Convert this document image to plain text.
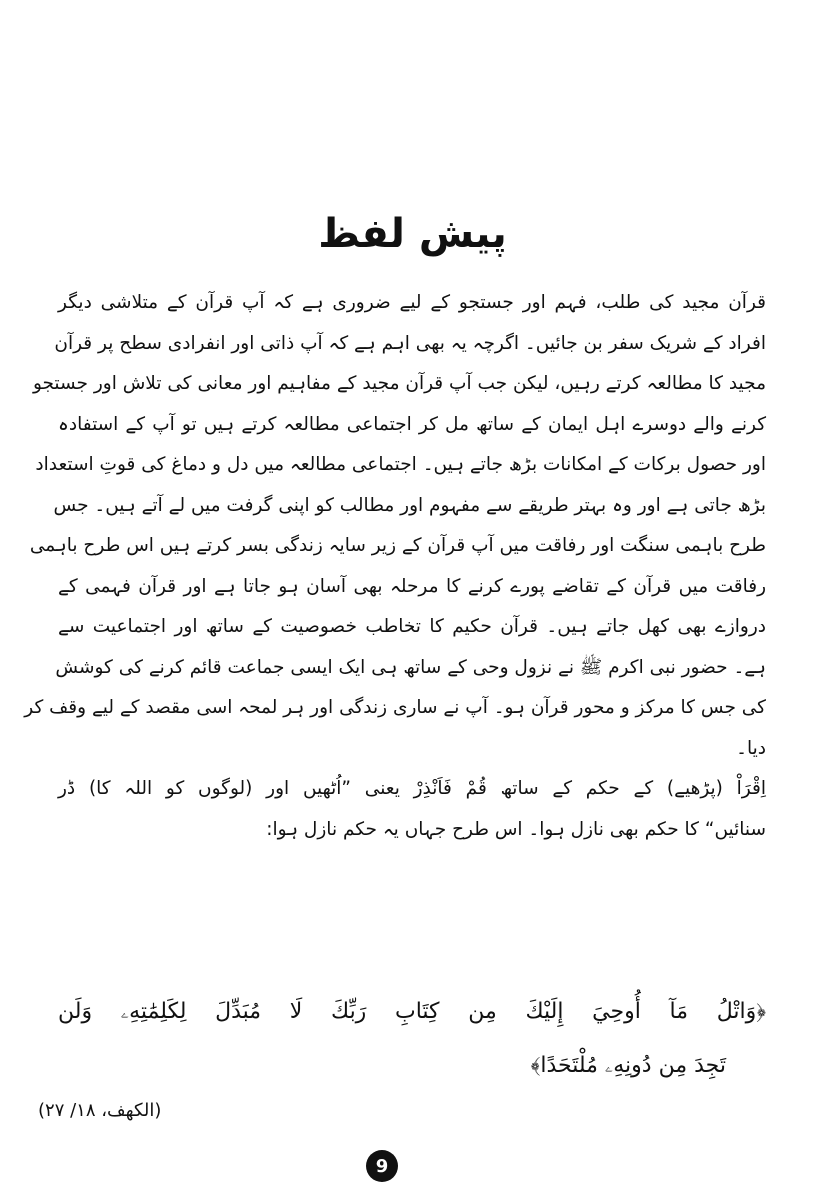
پیش لفظ
قرآن مجید کی طلب، فہم اور جستجو کے لیے ضروری ہے کہ آپ قرآن کے متلاشی دیگر
افراد کے شریک سفر بن جائیں۔ اگرچہ یہ بھی اہم ہے کہ آپ ذاتی اور انفرادی سطح پر قرآن
مجید کا مطالعہ کرتے رہیں، لیکن جب آپ قرآن مجید کے مفاہیم اور معانی کی تلاش اور جستجو
کرنے والے دوسرے اہل ایمان کے ساتھ مل کر اجتماعی مطالعہ کرتے ہیں تو آپ کے استفادہ
اور حصول برکات کے امکانات بڑھ جاتے ہیں۔ اجتماعی مطالعہ میں دل و دماغ کی قوتِ استعداد
بڑھ جاتی ہے اور وہ بہتر طریقے سے مفہوم اور مطالب کو اپنی گرفت میں لے آتے ہیں۔ جس
طرح باہمی سنگت اور رفاقت میں آپ قرآن کے زیر سایہ زندگی بسر کرتے ہیں اس طرح باہمی
رفاقت میں قرآن کے تقاضے پورے کرنے کا مرحلہ بھی آسان ہو جاتا ہے اور قرآن فہمی کے
دروازے بھی کھل جاتے ہیں۔ قرآن حکیم کا تخاطب خصوصیت کے ساتھ اور اجتماعیت سے
ہے۔ حضور نبی اکرم ﷺ نے نزول وحی کے ساتھ ہی ایک ایسی جماعت قائم کرنے کی کوشش
کی جس کا مرکز و محور قرآن ہو۔ آپ نے ساری زندگی اور ہر لمحہ اسی مقصد کے لیے وقف کر
دیا۔
اِقْرَاْ (پڑھیے) کے حکم کے ساتھ قُمْ فَاَنْذِرْ یعنی ”اُٹھیں اور (لوگوں کو اللہ کا) ڈر
سنائیں“ کا حکم بھی نازل ہوا۔ اس طرح جہاں یہ حکم نازل ہوا:
﴿وَاتْلُ مَآ أُوحِيَ إِلَيْكَ مِن كِتَابِ رَبِّكَ لَا مُبَدِّلَ لِكَلِمَٰتِهِۦ وَلَن
تَجِدَ مِن دُونِهِۦ مُلْتَحَدًا﴾
(الکھف، ۱۸/ ۲۷)
9
